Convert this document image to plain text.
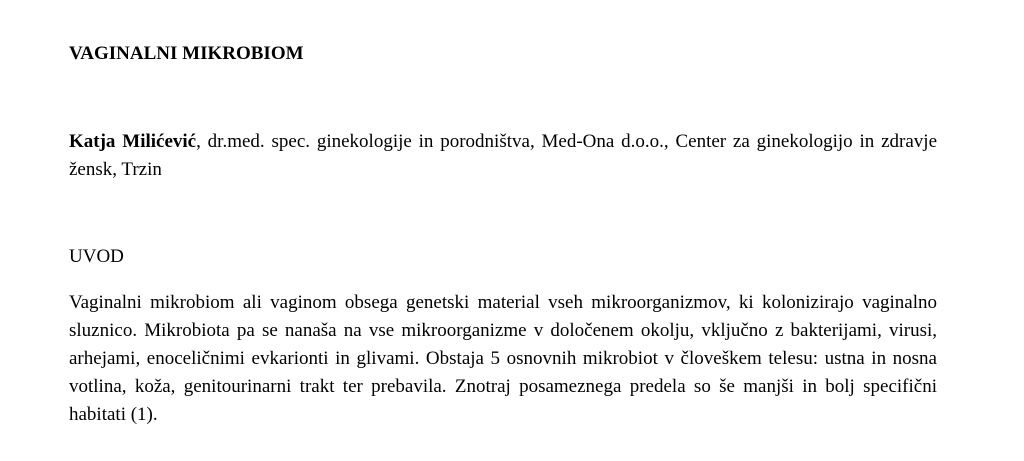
VAGINALNI MIKROBIOM

Katja Milićević, dr.med. spec. ginekologije in porodništva, Med-Ona d.o.o., Center za ginekologijo in zdravje žensk, Trzin

UVOD

Vaginalni mikrobiom ali vaginom obsega genetski material vseh mikroorganizmov, ki kolonizirajo vaginalno sluznico. Mikrobiota pa se nanaša na vse mikroorganizme v določenem okolju, vključno z bakterijami, virusi, arhejami, enoceličnimi evkarionti in glivami. Obstaja 5 osnovnih mikrobiot v človeškem telesu: ustna in nosna votlina, koža, genitourinarni trakt ter prebavila. Znotraj posameznega predela so še manjši in bolj specifični habitati (1).
